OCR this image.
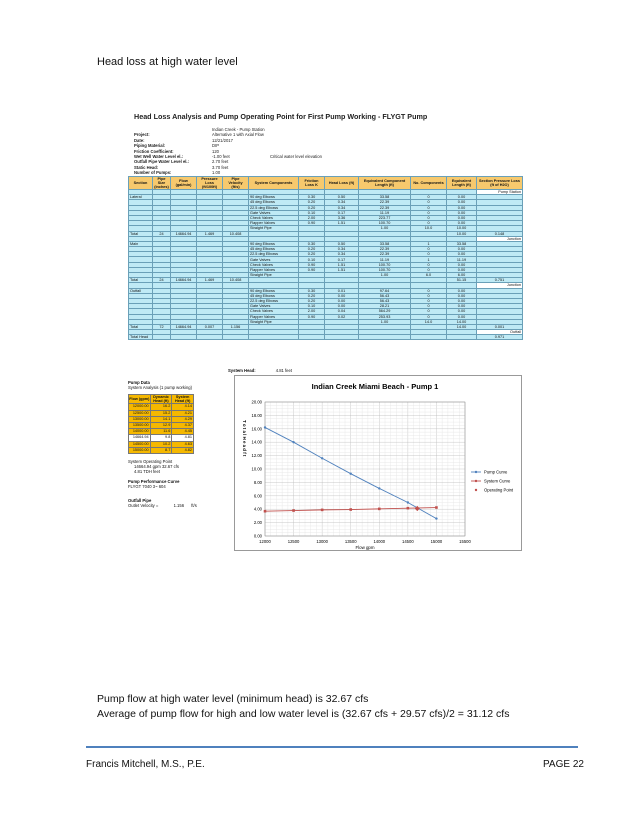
Head loss at high water level
Head Loss Analysis and Pump Operating Point for First Pump Working - FLYGT Pump
Project:Indian Creek - Pump Station Alternative 1 with Axial Flow
Date:	12/21/2017
Piping Material:	DIP
Friction Coefficient:	120
Wet Well Water Level el.:	-1.00 feet	Critical water level elevation
Outfall Pipe Water Level el.:	2.70 feet
Static Head:	3.70 feet
Number of Pumps:	1.00
Section	Pipe Size (inches)	Flow (gal/min)	Pressure Loss (ft/100ft)	Pipe Velocity (ft/s)	System Components	Friction Loss K	Head Loss (ft)	Equivalent Component Length (ft)	No. Components	Equivalent Length (ft)	Section Pressure Loss (ft of H2O)
											Pump Station
Lateral					90 deg Elbows	0.30	0.50	33.58	0	0.00	
					45 deg Elbows	0.20	0.34	22.39	0	0.00	
					22.5 deg Elbows	0.20	0.34	22.39	0	0.00	
					Gate Valves	0.10	0.17	11.19	0	0.00	
					Check Valves	2.00	3.36	223.77	0	0.00	
					Flapper Valves	0.90	1.51	100.70	0	0.00	
					Straight Pipe			1.00	10.0	10.00	
Total	24	14664.94	1.469	10.408						10.00	0.148
											Junction
Main					90 deg Elbows	0.30	0.50	33.58	1	33.58	
					45 deg Elbows	0.20	0.34	22.39	0	0.00	
					22.5 deg Elbows	0.20	0.34	22.39	0	0.00	
					Gate Valves	0.10	0.17	11.19	1	11.19	
					Check Valves	0.90	1.51	100.70	0	0.00	
					Flapper Valves	0.90	1.51	100.70	0	0.00	
					Straight Pipe			1.00	6.0	6.00	
Total	24	14664.94	1.469	10.408						51.15	0.751
											Junction
Outfall					90 deg Elbows	0.30	0.01	97.64	0	0.00	
					45 deg Elbows	0.20	0.00	56.43	0	0.00	
					22.5 deg Elbows	0.20	0.00	56.43	0	0.00	
					Gate Valves	0.10	0.00	28.21	0	0.00	
					Check Valves	2.00	0.04	564.29	0	0.00	
					Flapper Valves	0.90	0.02	253.93	0	0.00	
					Straight Pipe			1.00	14.0	14.00	
Total	72	14664.94	0.007	1.156						14.00	0.001
											Outfall
Total Head											0.971
System Head:	4.81 feet
Pump Data
System Analysis (1 pump working)
Flow (gpm)	Dynamic Head (ft)	System Head (ft)
12000.00	16.2	4.14
12500.00	15.2	4.21
13000.00	14.1	4.29
13500.00	12.9	4.37
14000.00	11.6	4.45
14664.94	9.8	4.81
14500.00	10.2	4.63
15000.00	8.7	4.82
System Operating Point
14664.94 gpm 32.67 cfs
4.81 TDH feet
Pump Performance Curve
FLYGT 7040 3~ 604
Outfall Pipe
Outlet Velocity =	1.156 ft/s
Indian Creek Miami Beach - Pump 1
12000	12500	13000	13500	14000	14500	15000	15500
0.00
2.00
4.00
6.00
8.00
10.00
12.00
14.00
16.00
18.00
20.00
Flow gpm
T o t a l H e a d f t
Pump Curve
System Curve
Operating Point
Pump flow at high water level (minimum head) is 32.67 cfs
Average of pump flow for high and low water level is (32.67 cfs + 29.57 cfs)/2 = 31.12 cfs
Francis Mitchell, M.S., P.E.	PAGE 22
